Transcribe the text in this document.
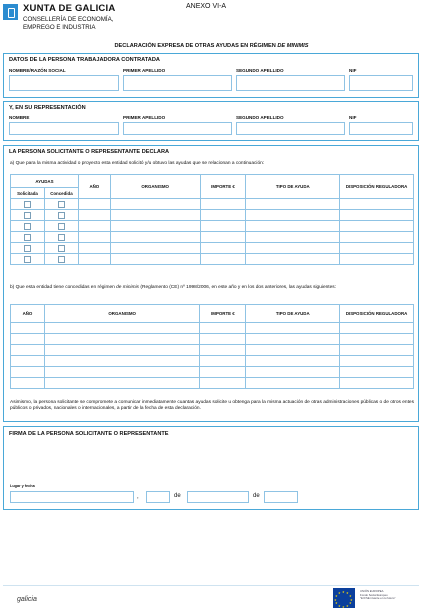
XUNTA DE GALICIA
CONSELLERÍA DE ECONOMÍA,
EMPREGO E INDUSTRIA
ANEXO VI-A
DECLARACIÓN EXPRESA DE OTRAS AYUDAS EN RÉGIMEN DE MINIMIS
DATOS DE LA PERSONA TRABAJADORA CONTRATADA
NOMBRE/RAZÓN SOCIAL	PRIMER APELLIDO	SEGUNDO APELLIDO	NIF
Y, EN SU REPRESENTACIÓN
NOMBRE	PRIMER APELLIDO	SEGUNDO APELLIDO	NIF
LA PERSONA SOLICITANTE O REPRESENTANTE DECLARA
a) Que para la misma actividad o proyecto esta entidad solicitó y/u obtuvo las ayudas que se relacionan a continuación:
AYUDAS		AÑO	ORGANISMO	IMPORTE €	TIPO DE AYUDA	DISPOSICIÓN REGULADORA
Solicitada	Concedida					

b) Que esta entidad tiene concedidas en régimen de minimis (Reglamento (CE) nº 1998/2006, en este año y en los dos anteriores, las ayudas siguientes:
AÑO	ORGANISMO	IMPORTE €	TIPO DE AYUDA	DISPOSICIÓN REGULADORA

Asimismo, la persona solicitante se compromete a comunicar inmediatamente cuantas ayudas solicite u obtenga para la misma actuación de otras administraciones públicas o de otros entes públicos o privados, nacionales o internacionales, a partir de la fecha de esta declaración.
FIRMA DE LA PERSONA SOLICITANTE O REPRESENTANTE
Lugar y fecha
,	de	de
galicia
★ ★
★
★
★
★
★
★
★
★
★
★	UNIÓN EUROPEA
Fondo Social Europeo
"El FSE invierte en tu futuro"
